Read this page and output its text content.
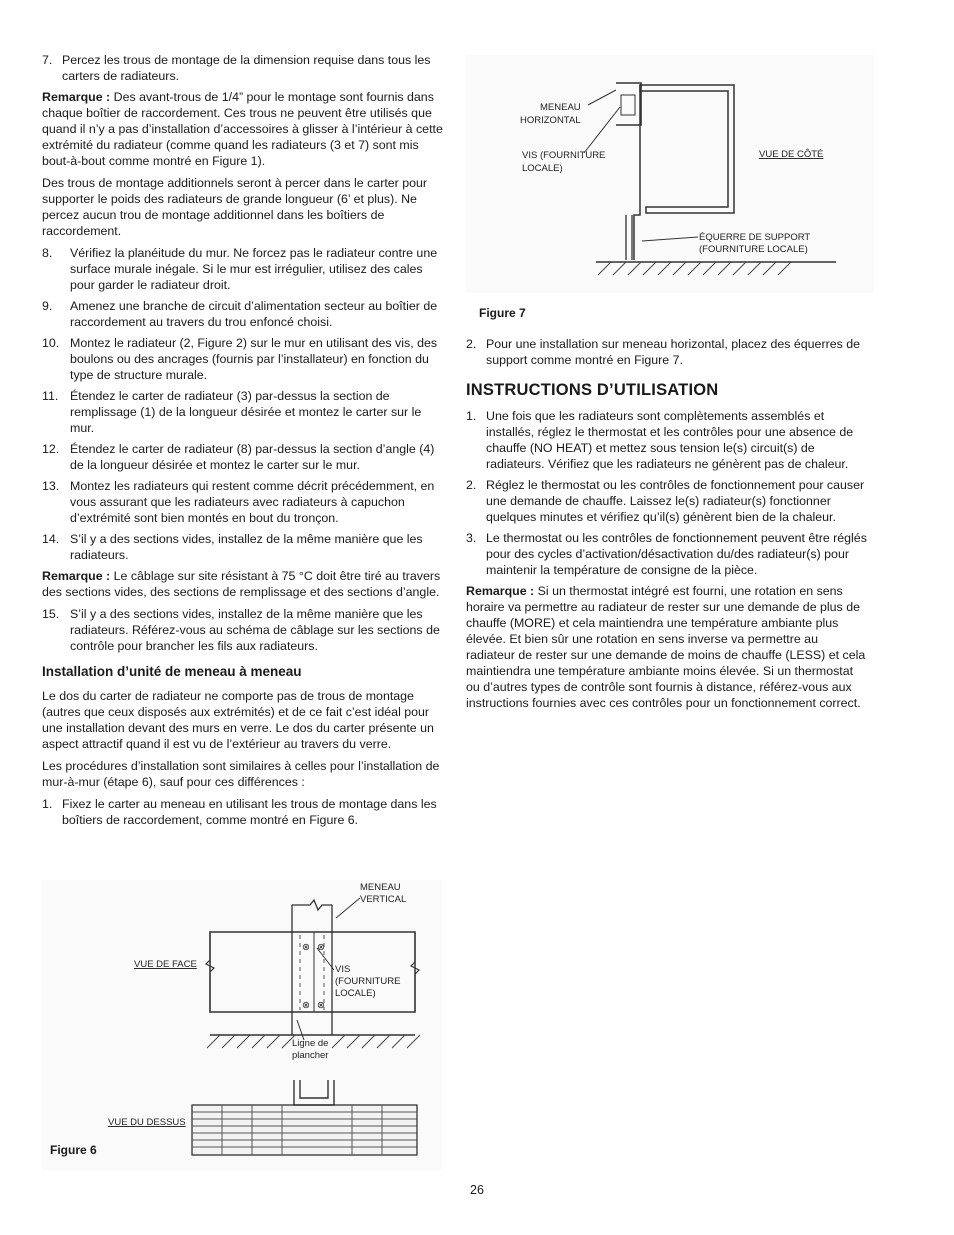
7. Percez les trous de montage de la dimension requise dans tous les carters de radiateurs.

Remarque : Des avant-trous de 1/4” pour le montage sont fournis dans chaque boîtier de raccordement. Ces trous ne peuvent être utilisés que quand il n’y a pas d’installation d’accessoires à glisser à l’intérieur à cette extrémité du radiateur (comme quand les radiateurs (3 et 7) sont mis bout-à-bout comme montré en Figure 1).

Des trous de montage additionnels seront à percer dans le carter pour supporter le poids des radiateurs de grande longueur (6’ et plus). Ne percez aucun trou de montage additionnel dans les boîtiers de raccordement.

8.	Vérifiez la planéitude du mur. Ne forcez pas le radiateur contre une surface murale inégale. Si le mur est irrégulier, utilisez des cales pour garder le radiateur droit.
9.	Amenez une branche de circuit d’alimentation secteur au boîtier de raccordement au travers du trou enfoncé choisi.
10. Montez le radiateur (2, Figure 2) sur le mur en utilisant des vis, des boulons ou des ancrages (fournis par l’installateur) en fonction du type de structure murale.
11. Étendez le carter de radiateur (3) par-dessus la section de remplissage (1) de la longueur désirée et montez le carter sur le mur.
12. Étendez le carter de radiateur (8) par-dessus la section d’angle (4) de la longueur désirée et montez le carter sur le mur.
13. Montez les radiateurs qui restent comme décrit précédemment, en vous assurant que les radiateurs avec radiateurs à capuchon d’extrémité sont bien montés en bout du tronçon.
14. S’il y a des sections vides, installez de la même manière que les radiateurs.

Remarque : Le câblage sur site résistant à 75 °C doit être tiré au travers des sections vides, des sections de remplissage et des sections d’angle.

15. S’il y a des sections vides, installez de la même manière que les radiateurs. Référez-vous au schéma de câblage sur les sections de contrôle pour brancher les fils aux radiateurs.
Installation d’unité de meneau à meneau

Le dos du carter de radiateur ne comporte pas de trous de montage (autres que ceux disposés aux extrémités) et de ce fait c’est idéal pour une installation devant des murs en verre. Le dos du carter présente un aspect attractif quand il est vu de l’extérieur au travers du verre.

Les procédures d’installation sont similaires à celles pour l’installation de mur-à-mur (étape 6), sauf pour ces différences :

1. Fixez le carter au meneau en utilisant les trous de montage dans les boîtiers de raccordement, comme montré en Figure 6.
⊗
⊗
⊗
⊗
MENEAU
VERTICAL
VUE DE FACE	VIS
(FOURNITURE
LOCALE)
Ligne de
plancher
VUE DU DESSUS
Figure 6
MENEAU
HORIZONTAL
VIS (FOURNITURE
LOCALE)
VUE DE CÔTÉ
ÉQUERRE DE SUPPORT
(FOURNITURE LOCALE)
Figure 7
2. Pour une installation sur meneau horizontal, placez des équerres de support comme montré en Figure 7.
INSTRUCTIONS D’UTILISATION
1. Une fois que les radiateurs sont complètements assemblés et installés, réglez le thermostat et les contrôles pour une absence de chauffe (NO HEAT) et mettez sous tension le(s) circuit(s) de radiateurs. Vérifiez que les radiateurs ne génèrent pas de chaleur.
2. Réglez le thermostat ou les contrôles de fonctionnement pour causer une demande de chauffe. Laissez le(s) radiateur(s) fonctionner quelques minutes et vérifiez qu’il(s) génèrent bien de la chaleur.
3. Le thermostat ou les contrôles de fonctionnement peuvent être réglés pour des cycles d’activation/désactivation du/des radiateur(s) pour maintenir la température de consigne de la pièce.

Remarque : Si un thermostat intégré est fourni, une rotation en sens horaire va permettre au radiateur de rester sur une demande de plus de chauffe (MORE) et cela maintiendra une température ambiante plus élevée. Et bien sûr une rotation en sens inverse va permettre au radiateur de rester sur une demande de moins de chauffe (LESS) et cela maintiendra une température ambiante moins élevée. Si un thermostat ou d’autres types de contrôle sont fournis à distance, référez-vous aux instructions fournies avec ces contrôles pour un fonctionnement correct.

26
